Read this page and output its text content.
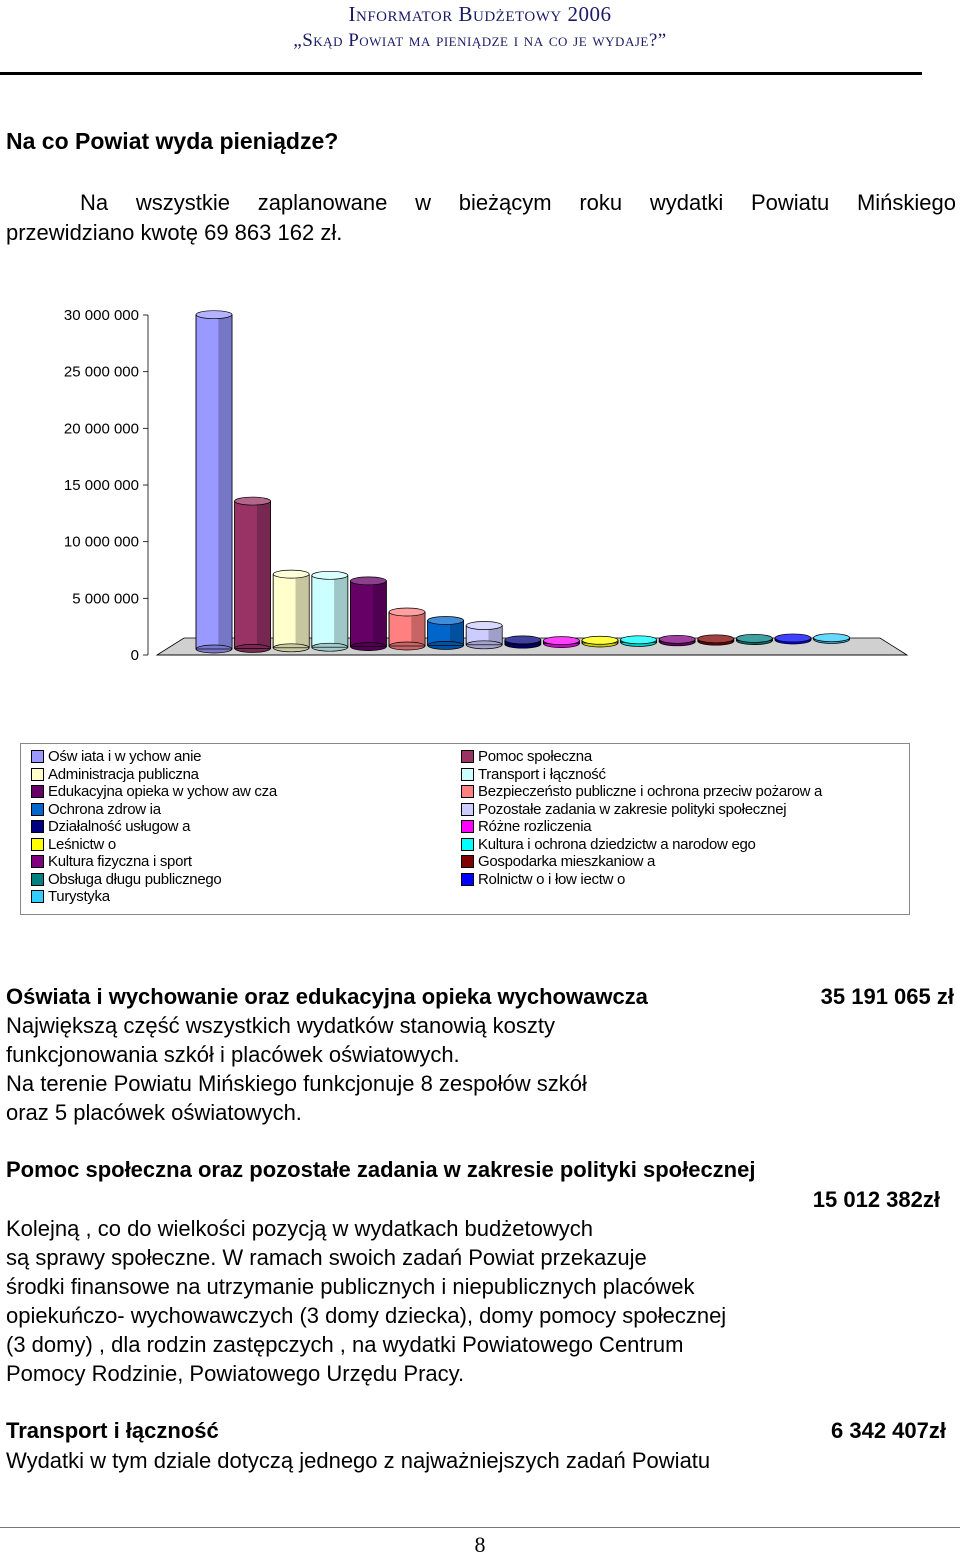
Informator Budżetowy 2006
„Skąd Powiat ma pieniądze i na co je wydaje?”
Na co Powiat wyda pieniądze?
Na wszystkie zaplanowane w bieżącym roku wydatki Powiatu Mińskiego
przewidziano kwotę 69 863 162 zł.
30 000 000
25 000 000
20 000 000
15 000 000
10 000 000
5 000 000
0
Ośw iata i w ychow anie
Administracja publiczna
Edukacyjna opieka w ychow aw cza
Ochrona zdrow ia
Działalność usługow a
Leśnictw o
Kultura fizyczna i sport
Obsługa długu publicznego
Turystyka
Pomoc społeczna
Transport i łączność
Bezpieczeństo publiczne i ochrona przeciw pożarow a
Pozostałe zadania w zakresie polityki społecznej
Różne rozliczenia
Kultura i ochrona dziedzictw a narodow ego
Gospodarka mieszkaniow a
Rolnictw o i łow iectw o
Oświata i wychowanie oraz edukacyjna opieka wychowawcza	35 191 065 zł
Największą część wszystkich wydatków stanowią koszty
funkcjonowania szkół i placówek oświatowych.
Na terenie Powiatu Mińskiego funkcjonuje 8 zespołów szkół
oraz 5 placówek oświatowych.
Pomoc społeczna oraz pozostałe zadania w zakresie polityki społecznej
15 012 382zł
Kolejną , co do wielkości pozycją w wydatkach budżetowych
są sprawy społeczne. W ramach swoich zadań Powiat przekazuje
środki finansowe na utrzymanie publicznych i niepublicznych placówek
opiekuńczo- wychowawczych (3 domy dziecka), domy pomocy społecznej
(3 domy) , dla rodzin zastępczych , na wydatki Powiatowego Centrum
Pomocy Rodzinie, Powiatowego Urzędu Pracy.
Transport i łączność	6 342 407zł
Wydatki w tym dziale dotyczą jednego z najważniejszych zadań Powiatu
8
